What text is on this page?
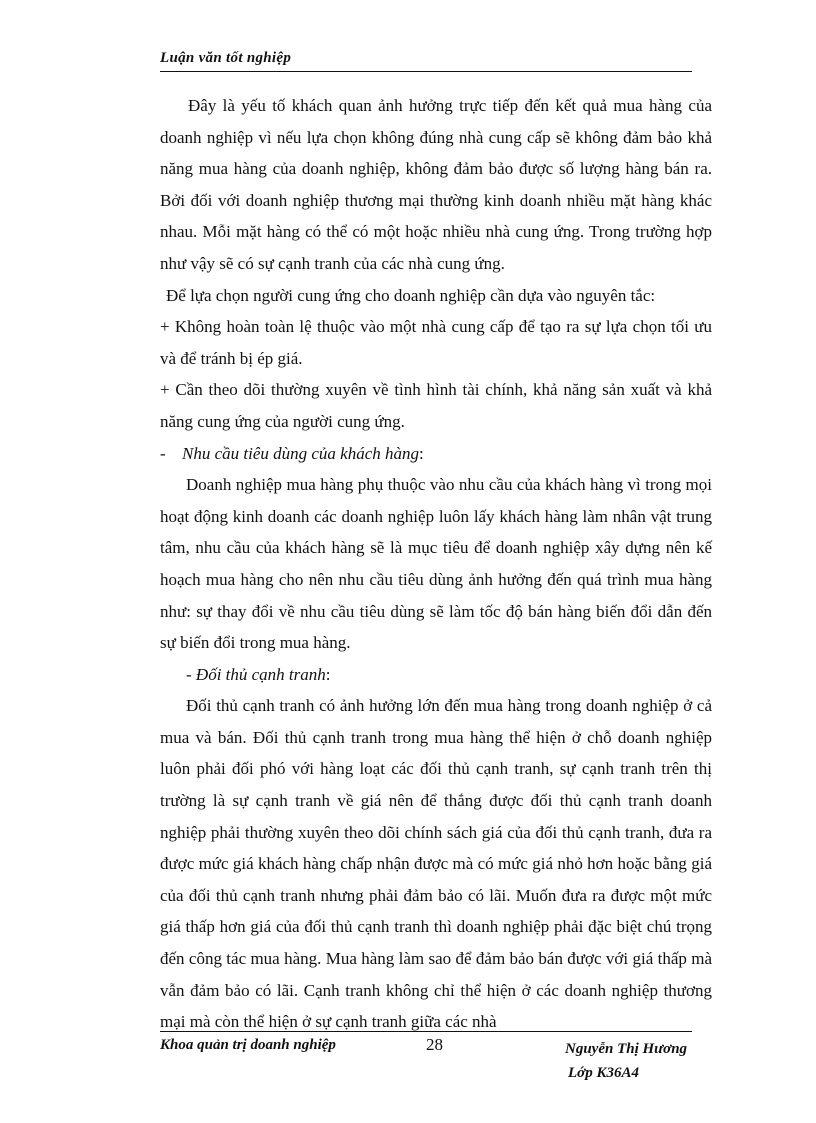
Luận văn tốt nghiệp

Đây là yếu tố khách quan ảnh hưởng trực tiếp đến kết quả mua hàng của doanh nghiệp vì nếu lựa chọn không đúng nhà cung cấp sẽ không đảm bảo khả năng mua hàng của doanh nghiệp, không đảm bảo được số lượng hàng bán ra. Bởi đối với doanh nghiệp thương mại thường kinh doanh nhiều mặt hàng khác nhau. Mỗi mặt hàng có thể có một hoặc nhiều nhà cung ứng. Trong trường hợp như vậy sẽ có sự cạnh tranh của các nhà cung ứng.

Để lựa chọn người cung ứng cho doanh nghiệp cần dựa vào nguyên tắc:

+ Không hoàn toàn lệ thuộc vào một nhà cung cấp để tạo ra sự lựa chọn tối ưu và để tránh bị ép giá.

+ Cần theo dõi thường xuyên về tình hình tài chính, khả năng sản xuất và khả năng cung ứng của người cung ứng.

- Nhu cầu tiêu dùng của khách hàng:

Doanh nghiệp mua hàng phụ thuộc vào nhu cầu của khách hàng vì trong mọi hoạt động kinh doanh các doanh nghiệp luôn lấy khách hàng làm nhân vật trung tâm, nhu cầu của khách hàng sẽ là mục tiêu để doanh nghiệp xây dựng nên kế hoạch mua hàng cho nên nhu cầu tiêu dùng ảnh hưởng đến quá trình mua hàng như: sự thay đổi về nhu cầu tiêu dùng sẽ làm tốc độ bán hàng biến đổi dẫn đến sự biến đổi trong mua hàng.

- Đối thủ cạnh tranh:

Đối thủ cạnh tranh có ảnh hưởng lớn đến mua hàng trong doanh nghiệp ở cả mua và bán. Đối thủ cạnh tranh trong mua hàng thể hiện ở chỗ doanh nghiệp luôn phải đối phó với hàng loạt các đối thủ cạnh tranh, sự cạnh tranh trên thị trường là sự cạnh tranh về giá nên để thắng được đối thủ cạnh tranh doanh nghiệp phải thường xuyên theo dõi chính sách giá của đối thủ cạnh tranh, đưa ra được mức giá khách hàng chấp nhận được mà có mức giá nhỏ hơn hoặc bằng giá của đối thủ cạnh tranh nhưng phải đảm bảo có lãi. Muốn đưa ra được một mức giá thấp hơn giá của đối thủ cạnh tranh thì doanh nghiệp phải đặc biệt chú trọng đến công tác mua hàng. Mua hàng làm sao để đảm bảo bán được với giá thấp mà vẫn đảm bảo có lãi. Cạnh tranh không chỉ thể hiện ở các doanh nghiệp thương mại mà còn thể hiện ở sự cạnh tranh giữa các nhà

Khoa quản trị doanh nghiệp	28	Nguyễn Thị Hương
Lớp K36A4
